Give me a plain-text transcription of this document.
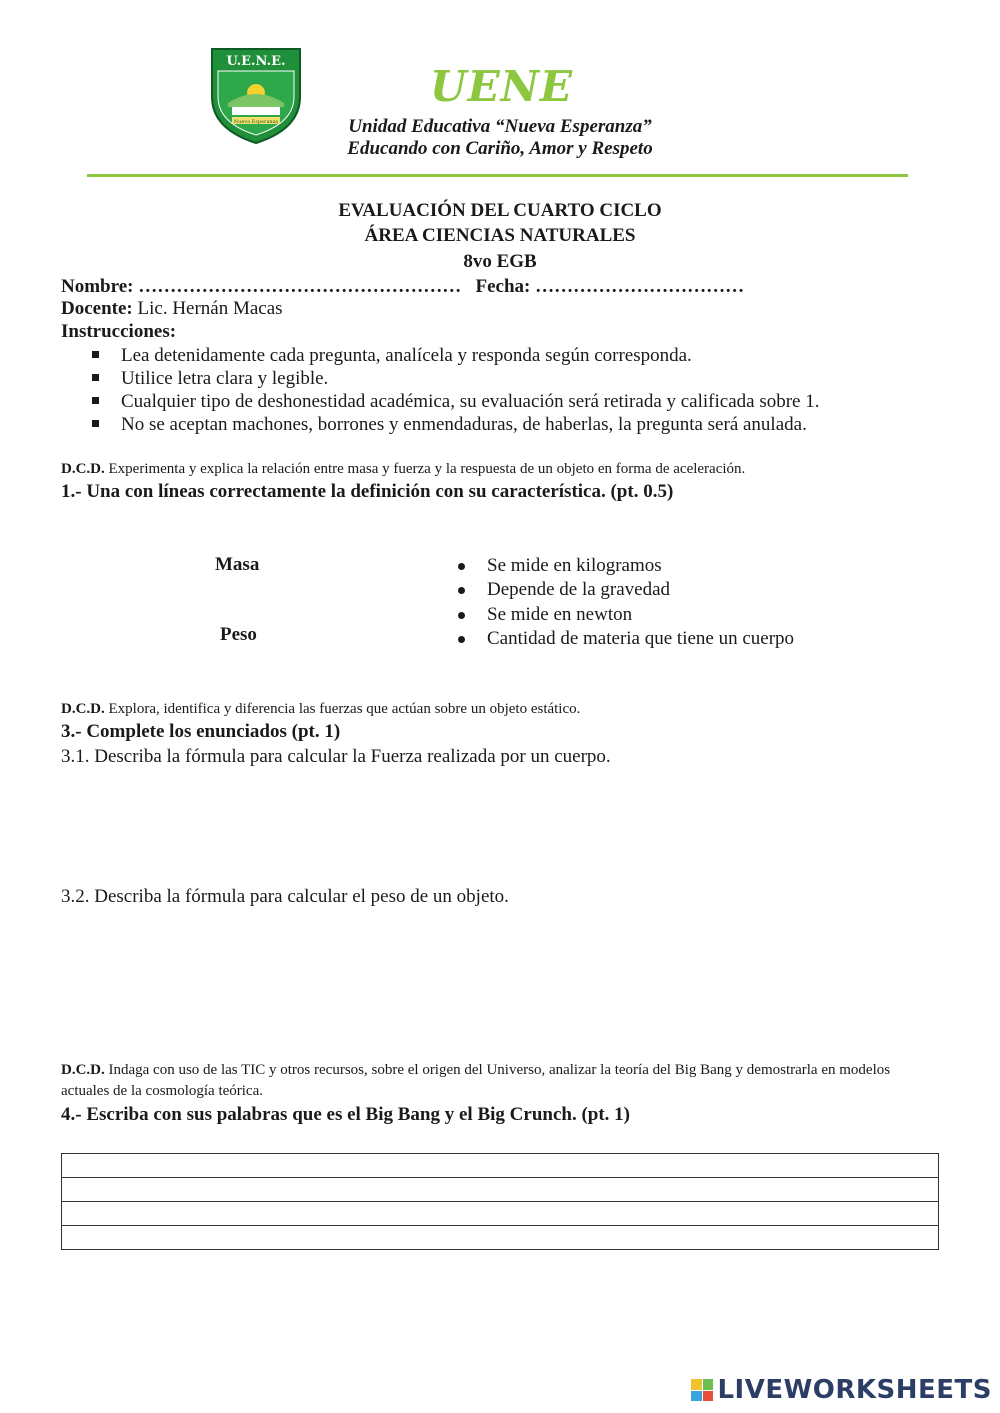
U.E.N.E.
Nueva Esperanza
UENE
Unidad Educativa “Nueva Esperanza”
Educando con Cariño, Amor y Respeto
EVALUACIÓN DEL CUARTO CICLO
ÁREA CIENCIAS NATURALES
8vo EGB
Nombre: …………………………………………… Fecha: ……………………………
Docente: Lic. Hernán Macas
Instrucciones:
Lea detenidamente cada pregunta, analícela y responda según corresponda.
Utilice letra clara y legible.
Cualquier tipo de deshonestidad académica, su evaluación será retirada y calificada sobre 1.
No se aceptan machones, borrones y enmendaduras, de haberlas, la pregunta será anulada.
D.C.D. Experimenta y explica la relación entre masa y fuerza y la respuesta de un objeto en forma de aceleración.
1.- Una con líneas correctamente la definición con su característica. (pt. 0.5)
Masa
Peso
Se mide en kilogramos
Depende de la gravedad
Se mide en newton
Cantidad de materia que tiene un cuerpo
D.C.D. Explora, identifica y diferencia las fuerzas que actúan sobre un objeto estático.
3.- Complete los enunciados (pt. 1)
3.1. Describa la fórmula para calcular la Fuerza realizada por un cuerpo.
3.2. Describa la fórmula para calcular el peso de un objeto.
D.C.D. Indaga con uso de las TIC y otros recursos, sobre el origen del Universo, analizar la teoría del Big Bang y demostrarla en modelos actuales de la cosmología teórica.
4.- Escriba con sus palabras que es el Big Bang y el Big Crunch. (pt. 1)

LIVEWORKSHEETS
